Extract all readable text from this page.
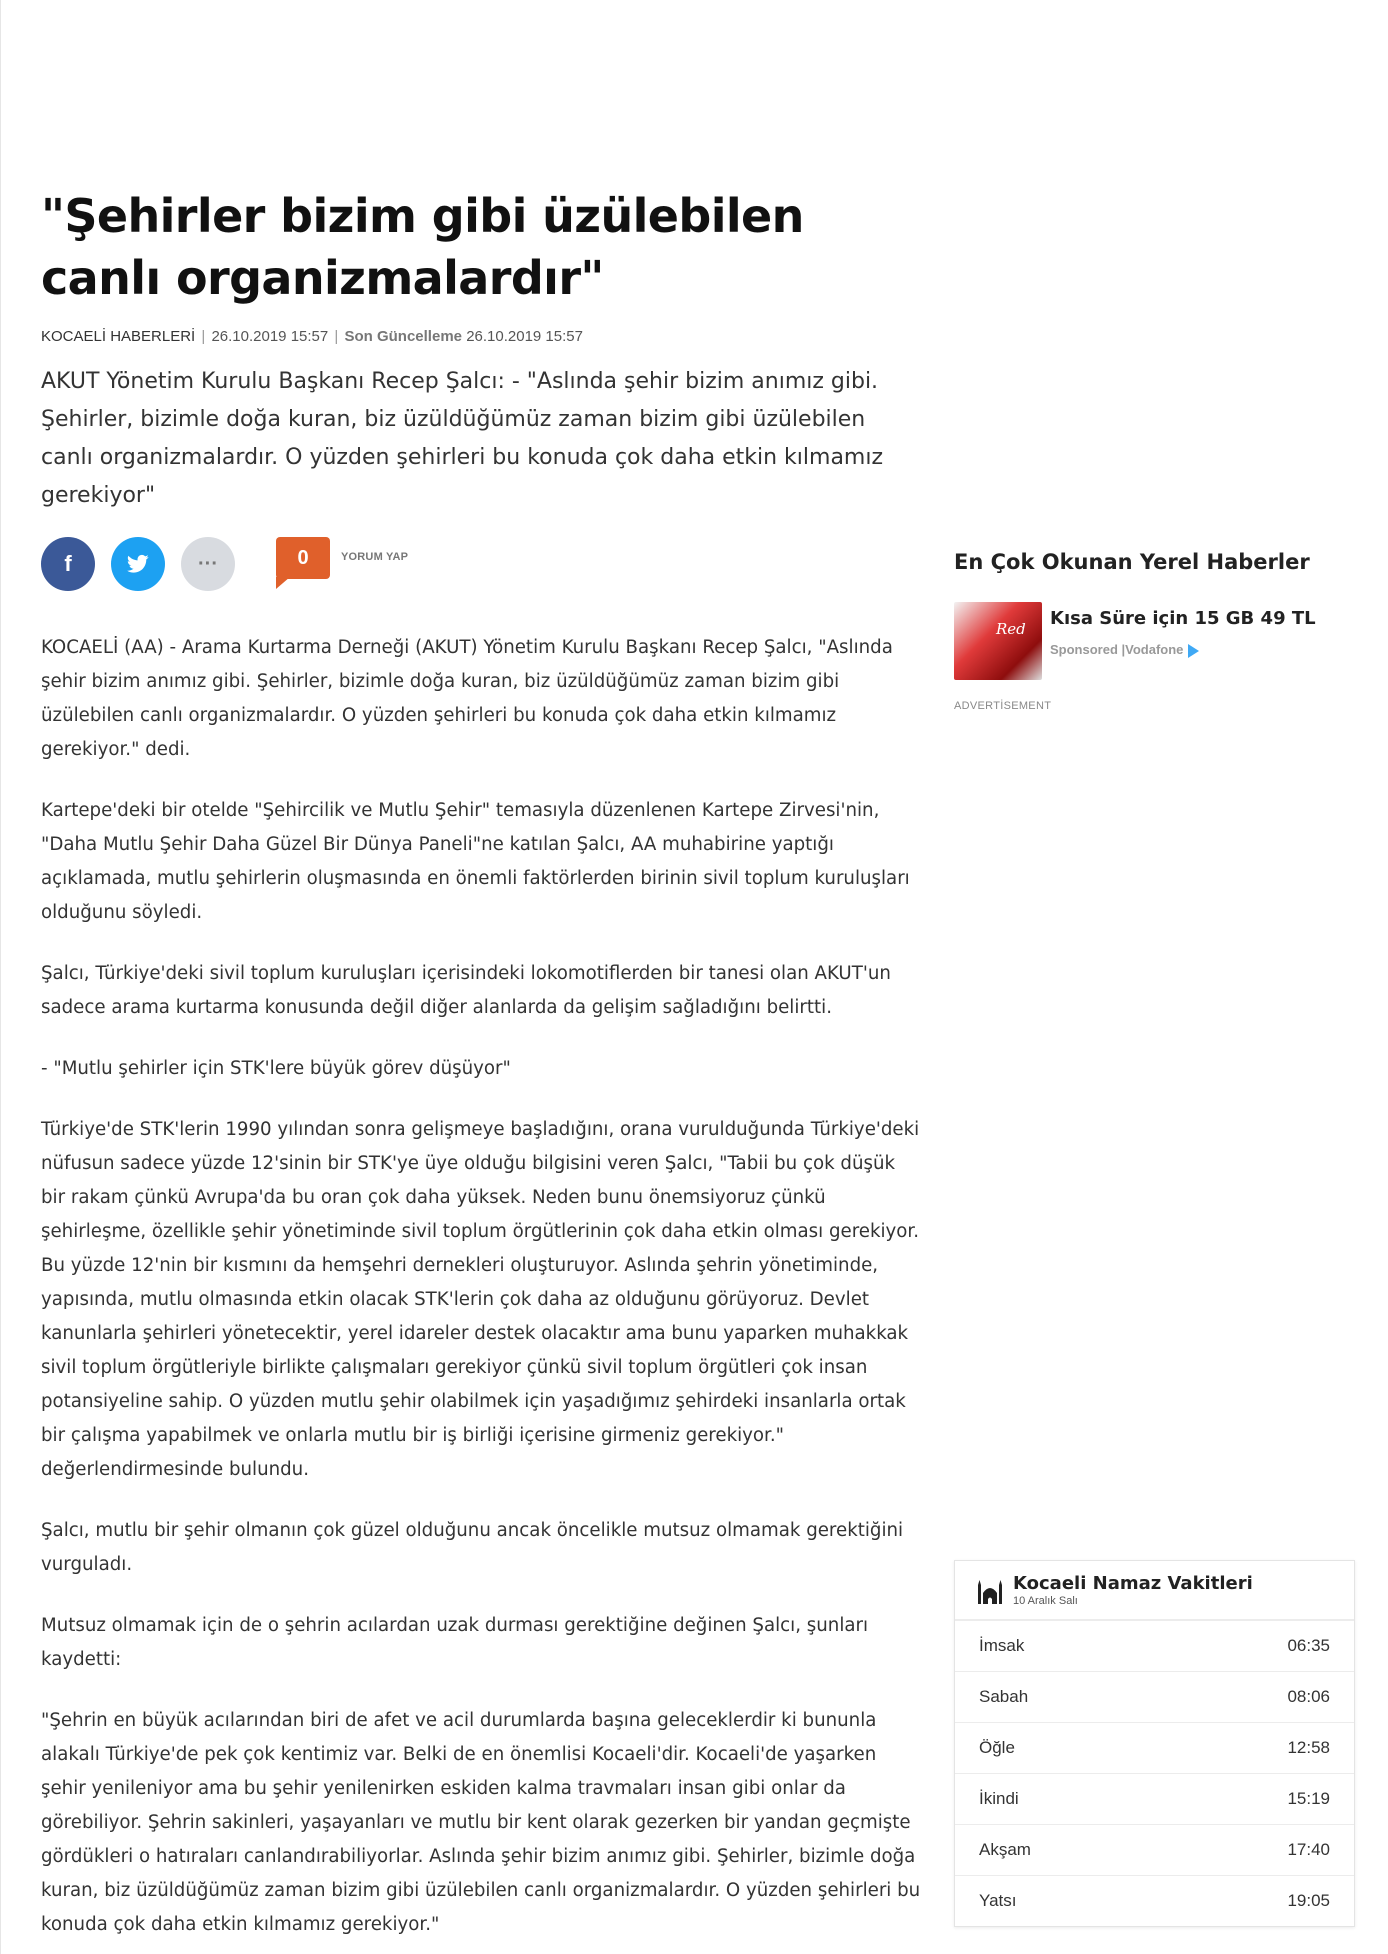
"Şehirler bizim gibi üzülebilen canlı organizmalardır"
KOCAELİ HABERLERİ | 26.10.2019 15:57 | Son Güncelleme 26.10.2019 15:57
AKUT Yönetim Kurulu Başkanı Recep Şalcı: - "Aslında şehir bizim anımız gibi. Şehirler, bizimle doğa kuran, biz üzüldüğümüz zaman bizim gibi üzülebilen canlı organizmalardır. O yüzden şehirleri bu konuda çok daha etkin kılmamız gerekiyor"
f	···	0	YORUM YAP

KOCAELİ (AA) - Arama Kurtarma Derneği (AKUT) Yönetim Kurulu Başkanı Recep Şalcı, "Aslında şehir bizim anımız gibi. Şehirler, bizimle doğa kuran, biz üzüldüğümüz zaman bizim gibi üzülebilen canlı organizmalardır. O yüzden şehirleri bu konuda çok daha etkin kılmamız gerekiyor." dedi.

Kartepe'deki bir otelde "Şehircilik ve Mutlu Şehir" temasıyla düzenlenen Kartepe Zirvesi'nin, "Daha Mutlu Şehir Daha Güzel Bir Dünya Paneli"ne katılan Şalcı, AA muhabirine yaptığı açıklamada, mutlu şehirlerin oluşmasında en önemli faktörlerden birinin sivil toplum kuruluşları olduğunu söyledi.

Şalcı, Türkiye'deki sivil toplum kuruluşları içerisindeki lokomotiflerden bir tanesi olan AKUT'un sadece arama kurtarma konusunda değil diğer alanlarda da gelişim sağladığını belirtti.

- "Mutlu şehirler için STK'lere büyük görev düşüyor"

Türkiye'de STK'lerin 1990 yılından sonra gelişmeye başladığını, orana vurulduğunda Türkiye'deki nüfusun sadece yüzde 12'sinin bir STK'ye üye olduğu bilgisini veren Şalcı, "Tabii bu çok düşük bir rakam çünkü Avrupa'da bu oran çok daha yüksek. Neden bunu önemsiyoruz çünkü şehirleşme, özellikle şehir yönetiminde sivil toplum örgütlerinin çok daha etkin olması gerekiyor. Bu yüzde 12'nin bir kısmını da hemşehri dernekleri oluşturuyor. Aslında şehrin yönetiminde, yapısında, mutlu olmasında etkin olacak STK'lerin çok daha az olduğunu görüyoruz. Devlet kanunlarla şehirleri yönetecektir, yerel idareler destek olacaktır ama bunu yaparken muhakkak sivil toplum örgütleriyle birlikte çalışmaları gerekiyor çünkü sivil toplum örgütleri çok insan potansiyeline sahip. O yüzden mutlu şehir olabilmek için yaşadığımız şehirdeki insanlarla ortak bir çalışma yapabilmek ve onlarla mutlu bir iş birliği içerisine girmeniz gerekiyor." değerlendirmesinde bulundu.

Şalcı, mutlu bir şehir olmanın çok güzel olduğunu ancak öncelikle mutsuz olmamak gerektiğini vurguladı.

Mutsuz olmamak için de o şehrin acılardan uzak durması gerektiğine değinen Şalcı, şunları kaydetti:

"Şehrin en büyük acılarından biri de afet ve acil durumlarda başına geleceklerdir ki bununla alakalı Türkiye'de pek çok kentimiz var. Belki de en önemlisi Kocaeli'dir. Kocaeli'de yaşarken şehir yenileniyor ama bu şehir yenilenirken eskiden kalma travmaları insan gibi onlar da görebiliyor. Şehrin sakinleri, yaşayanları ve mutlu bir kent olarak gezerken bir yandan geçmişte gördükleri o hatıraları canlandırabiliyorlar. Aslında şehir bizim anımız gibi. Şehirler, bizimle doğa kuran, biz üzüldüğümüz zaman bizim gibi üzülebilen canlı organizmalardır. O yüzden şehirleri bu konuda çok daha etkin kılmamız gerekiyor."

En Çok Okunan Yerel Haberler
Red Kısa Süre için 15 GB 49 TL
Sponsored |Vodafone
ADVERTİSEMENT
Kocaeli Namaz Vakitleri
10 Aralık Salı
İmsak	06:35
Sabah	08:06
Öğle	12:58
İkindi	15:19
Akşam	17:40
Yatsı	19:05
